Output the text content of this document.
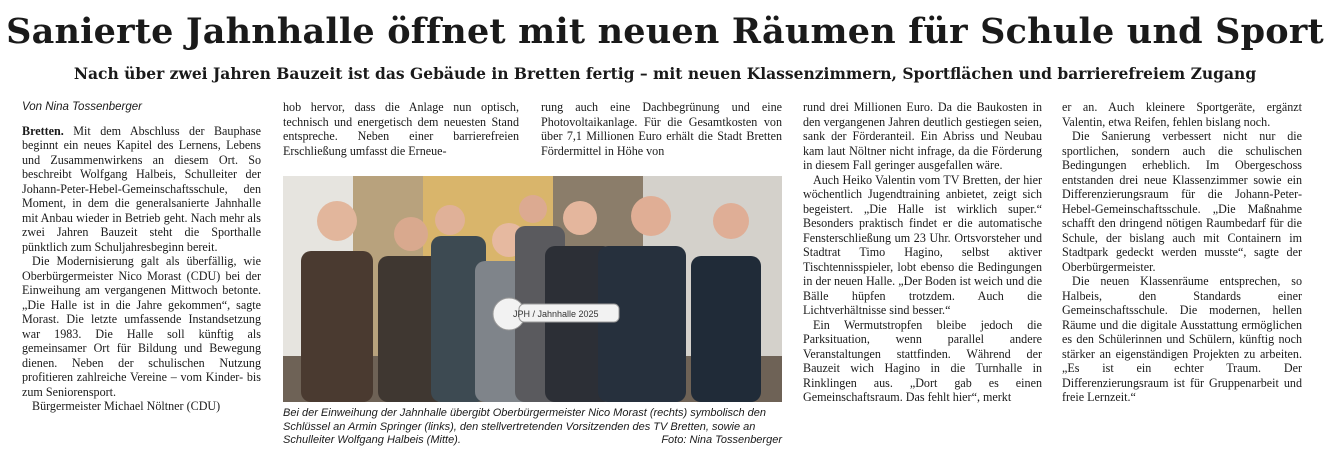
Sanierte Jahnhalle öffnet mit neuen Räumen für Schule und Sport
Nach über zwei Jahren Bauzeit ist das Gebäude in Bretten fertig – mit neuen Klassenzimmern, Sportflächen und barrierefreiem Zugang

Von Nina Tossenberger

Bretten. Mit dem Abschluss der Bauphase beginnt ein neues Kapitel des Lernens, Lebens und Zusammenwirkens an diesem Ort. So beschreibt Wolfgang Halbeis, Schulleiter der Johann-Peter-Hebel-Gemeinschaftsschule, den Moment, in dem die generalsanierte Jahnhalle mit Anbau wieder in Betrieb geht. Nach mehr als zwei Jahren Bauzeit steht die Sporthalle pünktlich zum Schuljahresbeginn bereit.

Die Modernisierung galt als überfällig, wie Oberbürgermeister Nico Morast (CDU) bei der Einweihung am vergangenen Mittwoch betonte. „Die Halle ist in die Jahre gekommen“, sagte Morast. Die letzte umfassende Instandsetzung war 1983. Die Halle soll künftig als gemeinsamer Ort für Bildung und Bewegung dienen. Neben der schulischen Nutzung profitieren zahlreiche Vereine – vom Kinder- bis zum Seniorensport.

Bürgermeister Michael Nöltner (CDU)

hob hervor, dass die Anlage nun optisch, technisch und energetisch dem neuesten Stand entspreche. Neben einer barrierefreien Erschließung umfasst die Erneue-

rung auch eine Dachbegrünung und eine Photovoltaikanlage. Für die Gesamtkosten von über 7,1 Millionen Euro erhält die Stadt Bretten Fördermittel in Höhe von

rund drei Millionen Euro. Da die Baukosten in den vergangenen Jahren deutlich gestiegen seien, sank der Förderanteil. Ein Abriss und Neubau kam laut Nöltner nicht infrage, da die Förderung in diesem Fall geringer ausgefallen wäre.

Auch Heiko Valentin vom TV Bretten, der hier wöchentlich Jugendtraining anbietet, zeigt sich begeistert. „Die Halle ist wirklich super.“ Besonders praktisch findet er die automatische Fensterschließung um 23 Uhr. Ortsvorsteher und Stadtrat Timo Hagino, selbst aktiver Tischtennisspieler, lobt ebenso die Bedingungen in der neuen Halle. „Der Boden ist weich und die Bälle hüpfen trotzdem. Auch die Lichtverhältnisse sind besser.“

Ein Wermutstropfen bleibe jedoch die Parksituation, wenn parallel andere Veranstaltungen stattfinden. Während der Bauzeit wich Hagino in die Turnhalle in Rinklingen aus. „Dort gab es einen Gemeinschaftsraum. Das fehlt hier“, merkt

er an. Auch kleinere Sportgeräte, ergänzt Valentin, etwa Reifen, fehlen bislang noch.

Die Sanierung verbessert nicht nur die sportlichen, sondern auch die schulischen Bedingungen erheblich. Im Obergeschoss entstanden drei neue Klassenzimmer sowie ein Differenzierungsraum für die Johann-Peter-Hebel-Gemeinschaftsschule. „Die Maßnahme schafft den dringend nötigen Raumbedarf für die Schule, der bislang auch mit Containern im Stadtpark gedeckt werden musste“, sagte der Oberbürgermeister.

Die neuen Klassenräume entsprechen, so Halbeis, den Standards einer Gemeinschaftsschule. Die modernen, hellen Räume und die digitale Ausstattung ermöglichen es den Schülerinnen und Schülern, künftig noch stärker an eigenständigen Projekten zu arbeiten. „Es ist ein echter Traum. Der Differenzierungsraum ist für Gruppenarbeit und freie Lernzeit.“

JPH / Jahnhalle 2025
Bei der Einweihung der Jahnhalle übergibt Oberbürgermeister Nico Morast (rechts) symbolisch den Schlüssel an Armin Springer (links), den stellvertretenden Vorsitzenden des TV Bretten, sowie an Schulleiter Wolfgang Halbeis (Mitte).	Foto: Nina Tossenberger
